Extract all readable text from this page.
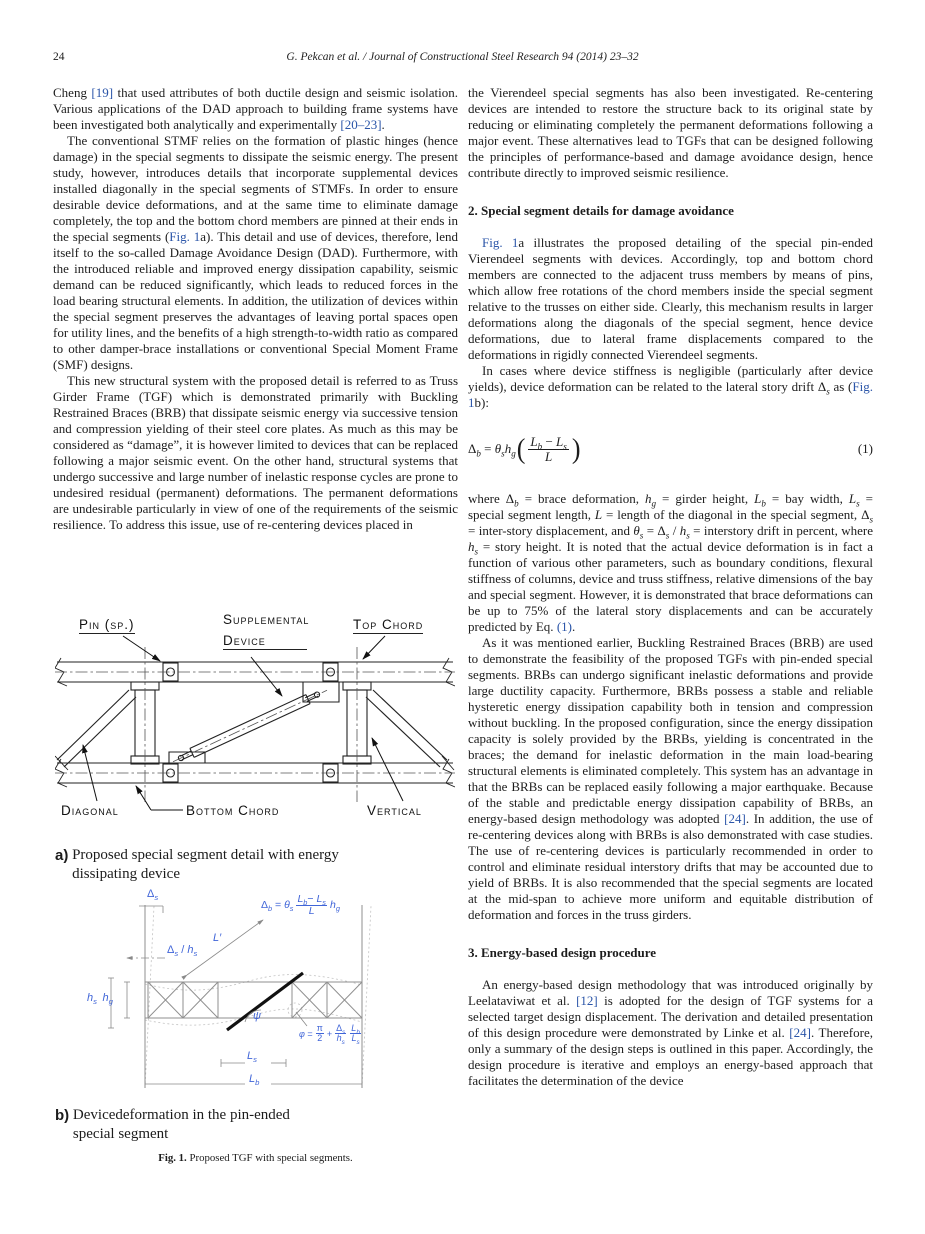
24	G. Pekcan et al. / Journal of Constructional Steel Research 94 (2014) 23–32

Cheng [19] that used attributes of both ductile design and seismic isolation. Various applications of the DAD approach to building frame systems have been investigated both analytically and experimentally [20–23].

The conventional STMF relies on the formation of plastic hinges (hence damage) in the special segments to dissipate the seismic energy. The present study, however, introduces details that incorporate supplemental devices installed diagonally in the special segments of STMFs. In order to ensure desirable device deformations, and at the same time to eliminate damage completely, the top and the bottom chord members are pinned at their ends in the special segments (Fig. 1a). This detail and use of devices, therefore, lend itself to the so-called Damage Avoidance Design (DAD). Furthermore, with the introduced reliable and improved energy dissipation capability, seismic demand can be reduced significantly, which leads to reduced forces in the load bearing structural elements. In addition, the utilization of devices within the special segment preserves the advantages of leaving portal spaces open for utility lines, and the benefits of a high strength-to-width ratio as compared to other damper-brace installations or conventional Special Moment Frame (SMF) designs.

This new structural system with the proposed detail is referred to as Truss Girder Frame (TGF) which is demonstrated primarily with Buckling Restrained Braces (BRB) that dissipate seismic energy via successive tension and compression yielding of their steel core plates. As much as this may be considered as “damage”, it is however limited to devices that can be replaced following a major seismic event. On the other hand, structural systems that undergo successive and large number of inelastic response cycles are prone to undesired residual (permanent) deformations. The permanent deformations are undesirable particularly in view of one of the requirements of the seismic resilience. To address this issue, use of re-centering devices placed in

the Vierendeel special segments has also been investigated. Re-centering devices are intended to restore the structure back to its original state by reducing or eliminating completely the permanent deformations following a major event. These alternatives lead to TGFs that can be designed following the principles of performance-based and damage avoidance design, hence contribute directly to improved seismic resilience.

2. Special segment details for damage avoidance

Fig. 1a illustrates the proposed detailing of the special pin-ended Vierendeel segments with devices. Accordingly, top and bottom chord members are connected to the adjacent truss members by means of pins, which allow free rotations of the chord members inside the special segment relative to the trusses on either side. Clearly, this mechanism results in larger deformations along the diagonals of the special segment, hence device deformations, due to lateral frame displacements compared to the deformations in rigidly connected Vierendeel segments.

In cases where device stiffness is negligible (particularly after device yields), device deformation can be related to the lateral story drift $\Delta_s$ as (Fig. 1b):

$\Delta_b = \theta_sh_g$ ( $\frac{L_b - L_s}{L}$ )	(1)

where $\Delta_b$ = brace deformation, $h_g$ = girder height, $L_b$ = bay width, $L_s$ = special segment length, L = length of the diagonal in the special segment, $\Delta_s$ = inter-story displacement, and $\theta_s = \Delta_s / h_s$ = interstory drift in percent, where $h_s$ = story height. It is noted that the actual device deformation is in fact a function of various other parameters, such as boundary conditions, flexural stiffness of columns, device and truss stiffness, relative dimensions of the bay and special segment. However, it is demonstrated that brace deformations can be up to 75% of the lateral story displacements and can be accurately predicted by Eq. (1).

As it was mentioned earlier, Buckling Restrained Braces (BRB) are used to demonstrate the feasibility of the proposed TGFs with pin-ended special segments. BRBs can undergo significant inelastic deformations and provide large ductility capacity. Furthermore, BRBs possess a stable and reliable hysteretic energy dissipation capability both in tension and compression without buckling. In the proposed configuration, since the energy dissipation capacity is solely provided by the BRBs, yielding is concentrated in the braces; the demand for inelastic deformation in the main load-bearing structural elements is eliminated completely. This system has an advantage in that the BRBs can be replaced easily following a major earthquake. Because of the stable and predictable energy dissipation capability of BRBs, an energy-based design methodology was adopted [24]. In addition, the use of re-centering devices along with BRBs is also demonstrated with case studies. The use of re-centering devices is particularly recommended in order to control and eliminate residual interstory drifts that may be accounted due to yield of BRBs. It is also recommended that the special segments are located at the mid-span to achieve more uniform and equitable distribution of deformation and forces in the truss girders.

3. Energy-based design procedure

An energy-based design methodology that was introduced originally by Leelataviwat et al. [12] is adopted for the design of TGF systems for a selected target design displacement. The derivation and detailed presentation of this design procedure were demonstrated by Linke et al. [24]. Therefore, only a summary of the design steps is outlined in this paper. Accordingly, the design procedure is iterative and employs an energy-based approach that facilitates the determination of the device

Pin (sp.)	Supplemental
Device
Top Chord
Diagonal	Bottom Chord	Vertical
a) Proposed special segment detail with energy dissipating device
$\Delta_s$
$\Delta_b = \theta_s \frac{L_b- L_s}{L} h_g$
L′
$\Delta_s / h_s$
$h_s$  $h_g$
ψ
$\varphi = \frac{\pi}{2} + \frac{\Delta_s}{h_s} \frac{L_b}{L_s}$
$L_s$
$L_b$
b) Devicedeformation in the pin-ended special segment
Fig. 1. Proposed TGF with special segments.
